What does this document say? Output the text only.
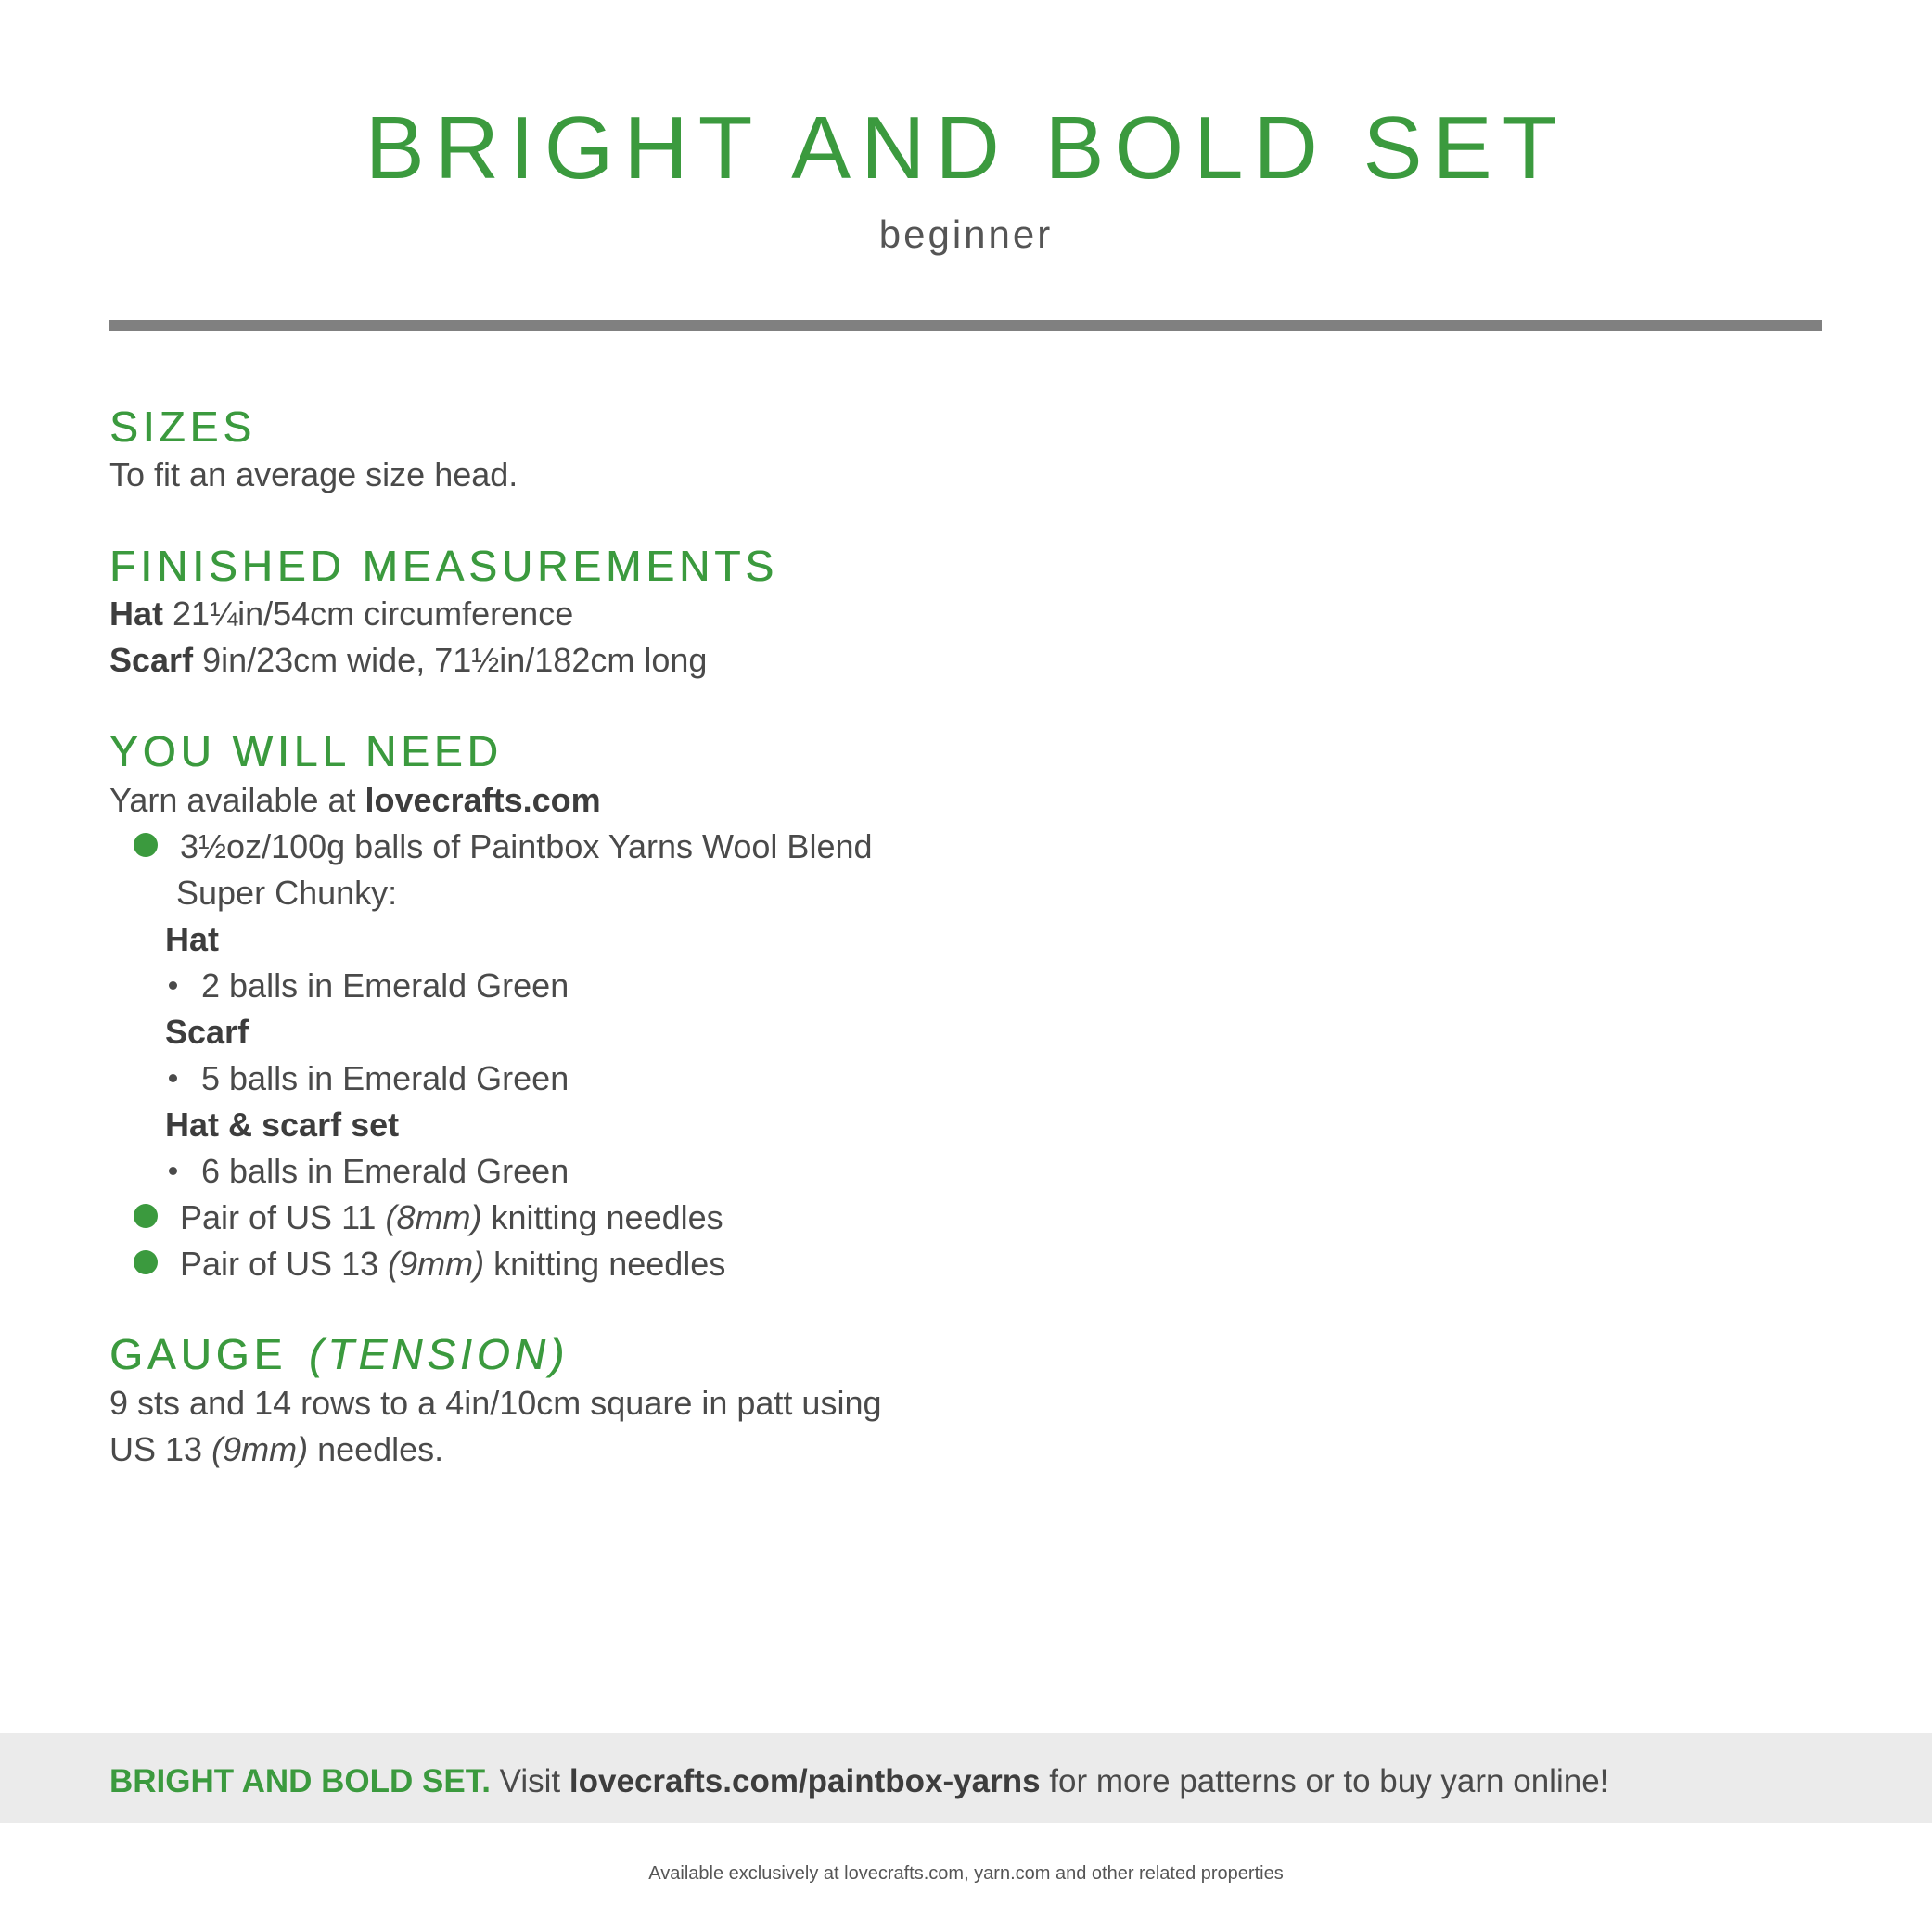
BRIGHT AND BOLD SET
beginner
SIZES
To fit an average size head.
FINISHED MEASUREMENTS
Hat 21¼in/54cm circumference
Scarf 9in/23cm wide, 71½in/182cm long
YOU WILL NEED
Yarn available at lovecrafts.com
3½oz/100g balls of Paintbox Yarns Wool Blend
Super Chunky:
Hat
2 balls in Emerald Green
Scarf
5 balls in Emerald Green
Hat & scarf set
6 balls in Emerald Green
Pair of US 11 (8mm) knitting needles
Pair of US 13 (9mm) knitting needles
GAUGE (TENSION)
9 sts and 14 rows to a 4in/10cm square in patt using
US 13 (9mm) needles.
BRIGHT AND BOLD SET. Visit lovecrafts.com/paintbox-yarns for more patterns or to buy yarn online!
Available exclusively at lovecrafts.com, yarn.com and other related properties
